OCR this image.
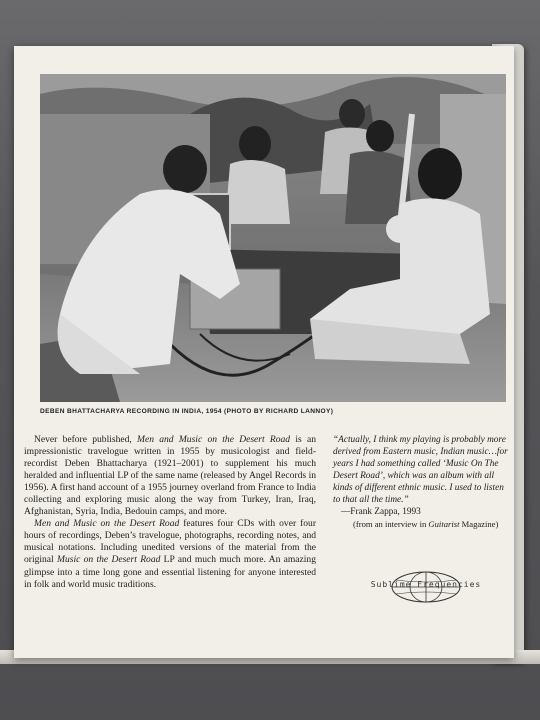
DEBEN BHATTACHARYA RECORDING IN INDIA, 1954 (PHOTO BY RICHARD LANNOY)

Never before published, Men and Music on the Desert Road is an impressionistic travelogue written in 1955 by musicologist and field-recordist Deben Bhattacharya (1921–2001) to supplement his much heralded and influential LP of the same name (released by Angel Records in 1956). A first hand account of a 1955 journey overland from France to India collecting and exploring music along the way from Turkey, Iran, Iraq, Afghanistan, Syria, India, Bedouin camps, and more.

Men and Music on the Desert Road features four CDs with over four hours of recordings, Deben’s travelogue, photographs, recording notes, and musical notations. Including unedited versions of the material from the original Music on the Desert Road LP and much much more. An amazing glimpse into a time long gone and essential listening for anyone interested in folk and world music traditions.

“Actually, I think my playing is probably more derived from Eastern music, Indian music…for years I had something called ‘Music On The Desert Road’, which was an album with all kinds of different ethnic music. I used to listen to that all the time.”

—Frank Zappa, 1993

(from an interview in Guitarist Magazine)

Sublime Frequencies
